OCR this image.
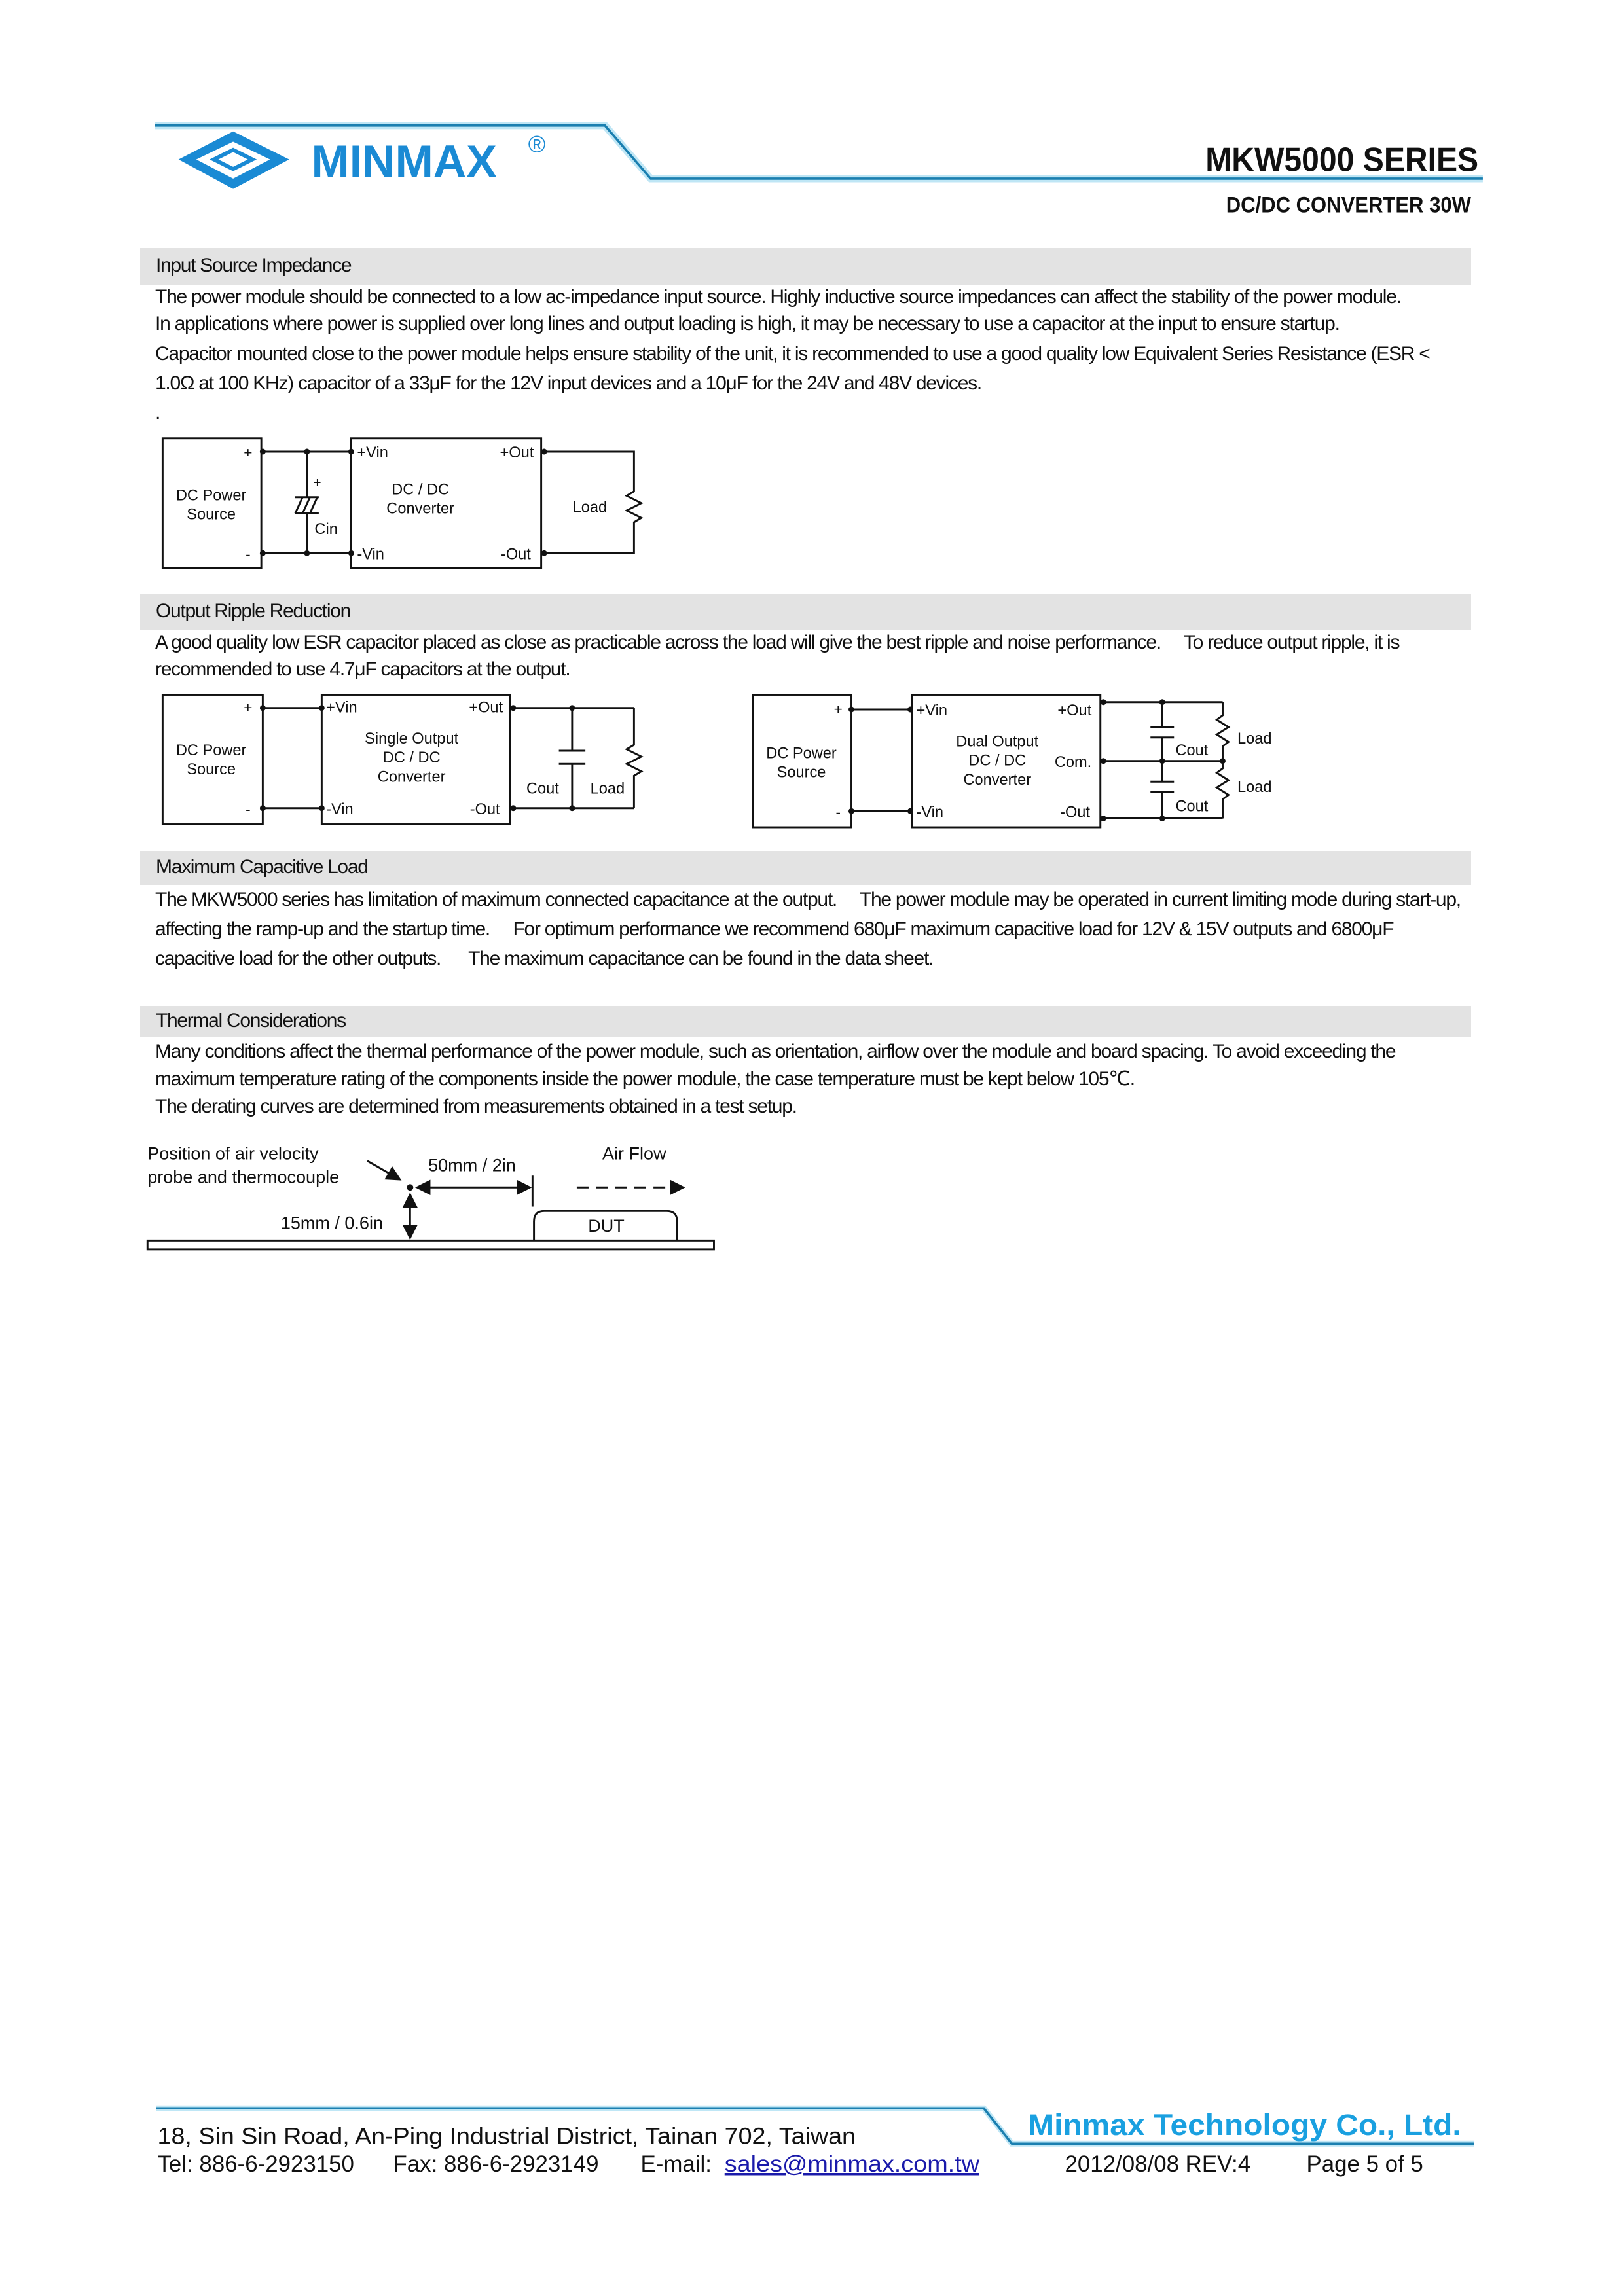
MINMAX	®	MKW5000 SERIES
DC/DC CONVERTER 30W
Input Source Impedance
The power module should be connected to a low ac-impedance input source. Highly inductive source impedances can affect the stability of the power module.
In applications where power is supplied over long lines and output loading is high, it may be necessary to use a capacitor at the input to ensure startup.
Capacitor mounted close to the power module helps ensure stability of the unit, it is recommended to use a good quality low Equivalent Series Resistance (ESR <
1.0Ω at 100 KHz) capacitor of a 33μF for the 12V input devices and a 10μF for the 24V and 48V devices.
.
+
-
DC Power
Source
+
Cin
+Vin	+Out
-Vin	-Out
DC / DC
Converter	Load
Output Ripple Reduction
A good quality low ESR capacitor placed as close as practicable across the load will give the best ripple and noise performance.     To reduce output ripple, it is
recommended to use 4.7μF capacitors at the output.
+
-
DC Power
Source
+Vin	+Out
-Vin	-Out
Single Output
DC / DC
Converter
Cout	Load
+
-
DC Power
Source
+Vin	+Out
Com.
-Vin	-Out
Dual Output
DC / DC
Converter
Cout
Cout
Load
Load
Maximum Capacitive Load
The MKW5000 series has limitation of maximum connected capacitance at the output.     The power module may be operated in current limiting mode during start-up,
affecting the ramp-up and the startup time.     For optimum performance we recommend 680μF maximum capacitive load for 12V & 15V outputs and 6800μF
capacitive load for the other outputs.      The maximum capacitance can be found in the data sheet.
Thermal Considerations
Many conditions affect the thermal performance of the power module, such as orientation, airflow over the module and board spacing. To avoid exceeding the
maximum temperature rating of the components inside the power module, the case temperature must be kept below 105℃.
The derating curves are determined from measurements obtained in a test setup.
Position of air velocity
probe and thermocouple
50mm / 2in
Air Flow
15mm / 0.6in	DUT
Minmax Technology Co., Ltd.
18, Sin Sin Road, An-Ping Industrial District, Tainan 702, Taiwan
Tel: 886-6-2923150	Fax: 886-6-2923149	E-mail: sales@minmax.com.tw	2012/08/08 REV:4	Page 5 of 5
